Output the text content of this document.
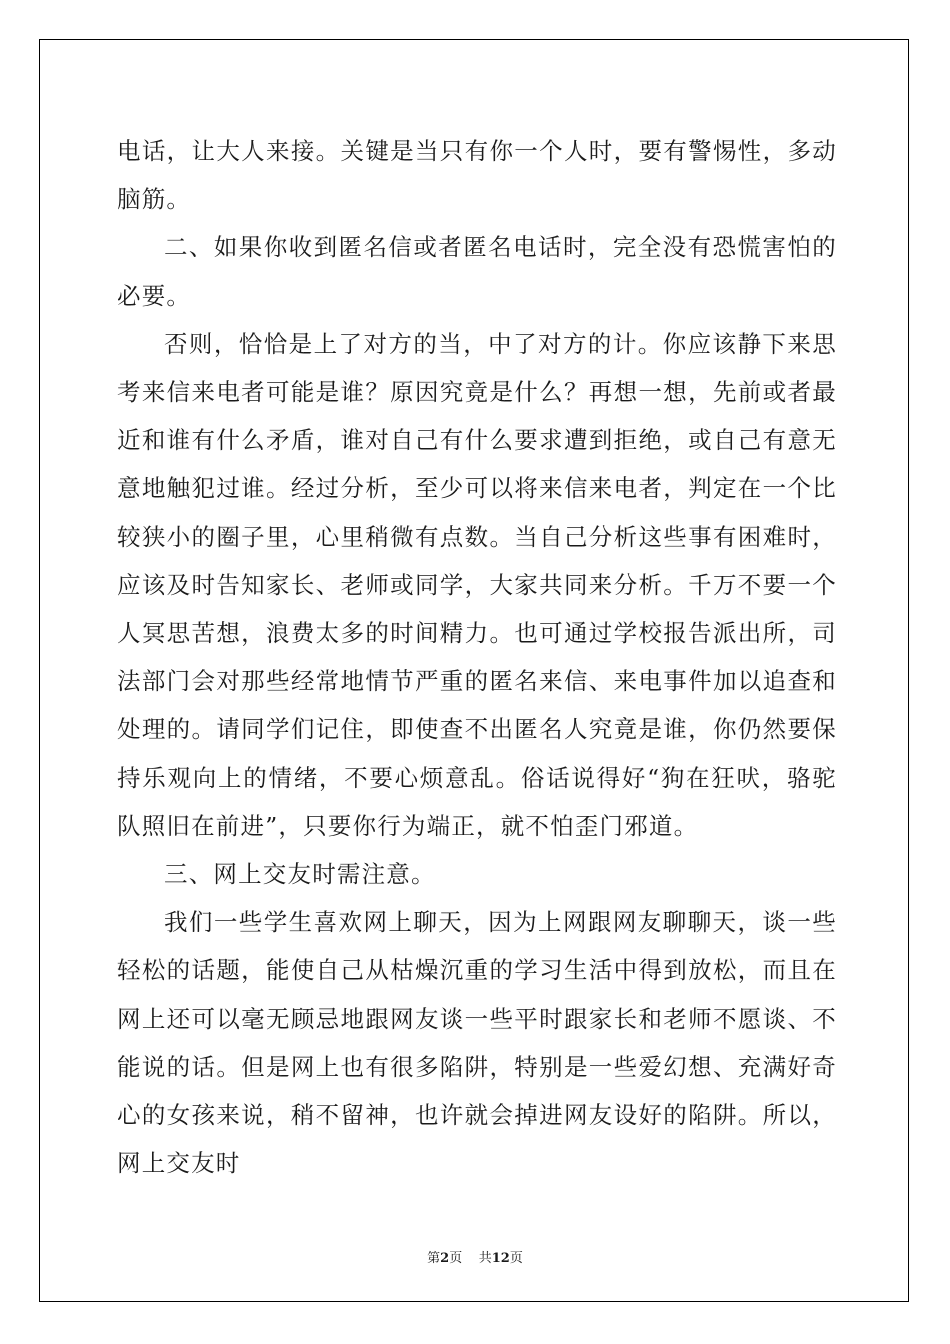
电话，让大人来接。关键是当只有你一个人时，要有警惕性，多动脑筋。

二、如果你收到匿名信或者匿名电话时，完全没有恐慌害怕的必要。

否则，恰恰是上了对方的当，中了对方的计。你应该静下来思考来信来电者可能是谁？原因究竟是什么？再想一想，先前或者最近和谁有什么矛盾，谁对自己有什么要求遭到拒绝，或自己有意无意地触犯过谁。经过分析，至少可以将来信来电者，判定在一个比较狭小的圈子里，心里稍微有点数。当自己分析这些事有困难时，应该及时告知家长、老师或同学，大家共同来分析。千万不要一个人冥思苦想，浪费太多的时间精力。也可通过学校报告派出所，司法部门会对那些经常地情节严重的匿名来信、来电事件加以追查和处理的。请同学们记住，即使查不出匿名人究竟是谁，你仍然要保持乐观向上的情绪，不要心烦意乱。俗话说得好“狗在狂吠，骆驼队照旧在前进”，只要你行为端正，就不怕歪门邪道。

三、网上交友时需注意。

我们一些学生喜欢网上聊天，因为上网跟网友聊聊天，谈一些轻松的话题，能使自己从枯燥沉重的学习生活中得到放松，而且在网上还可以毫无顾忌地跟网友谈一些平时跟家长和老师不愿谈、不能说的话。但是网上也有很多陷阱，特别是一些爱幻想、充满好奇心的女孩来说，稍不留神，也许就会掉进网友设好的陷阱。所以，网上交友时

第2页    共12页
